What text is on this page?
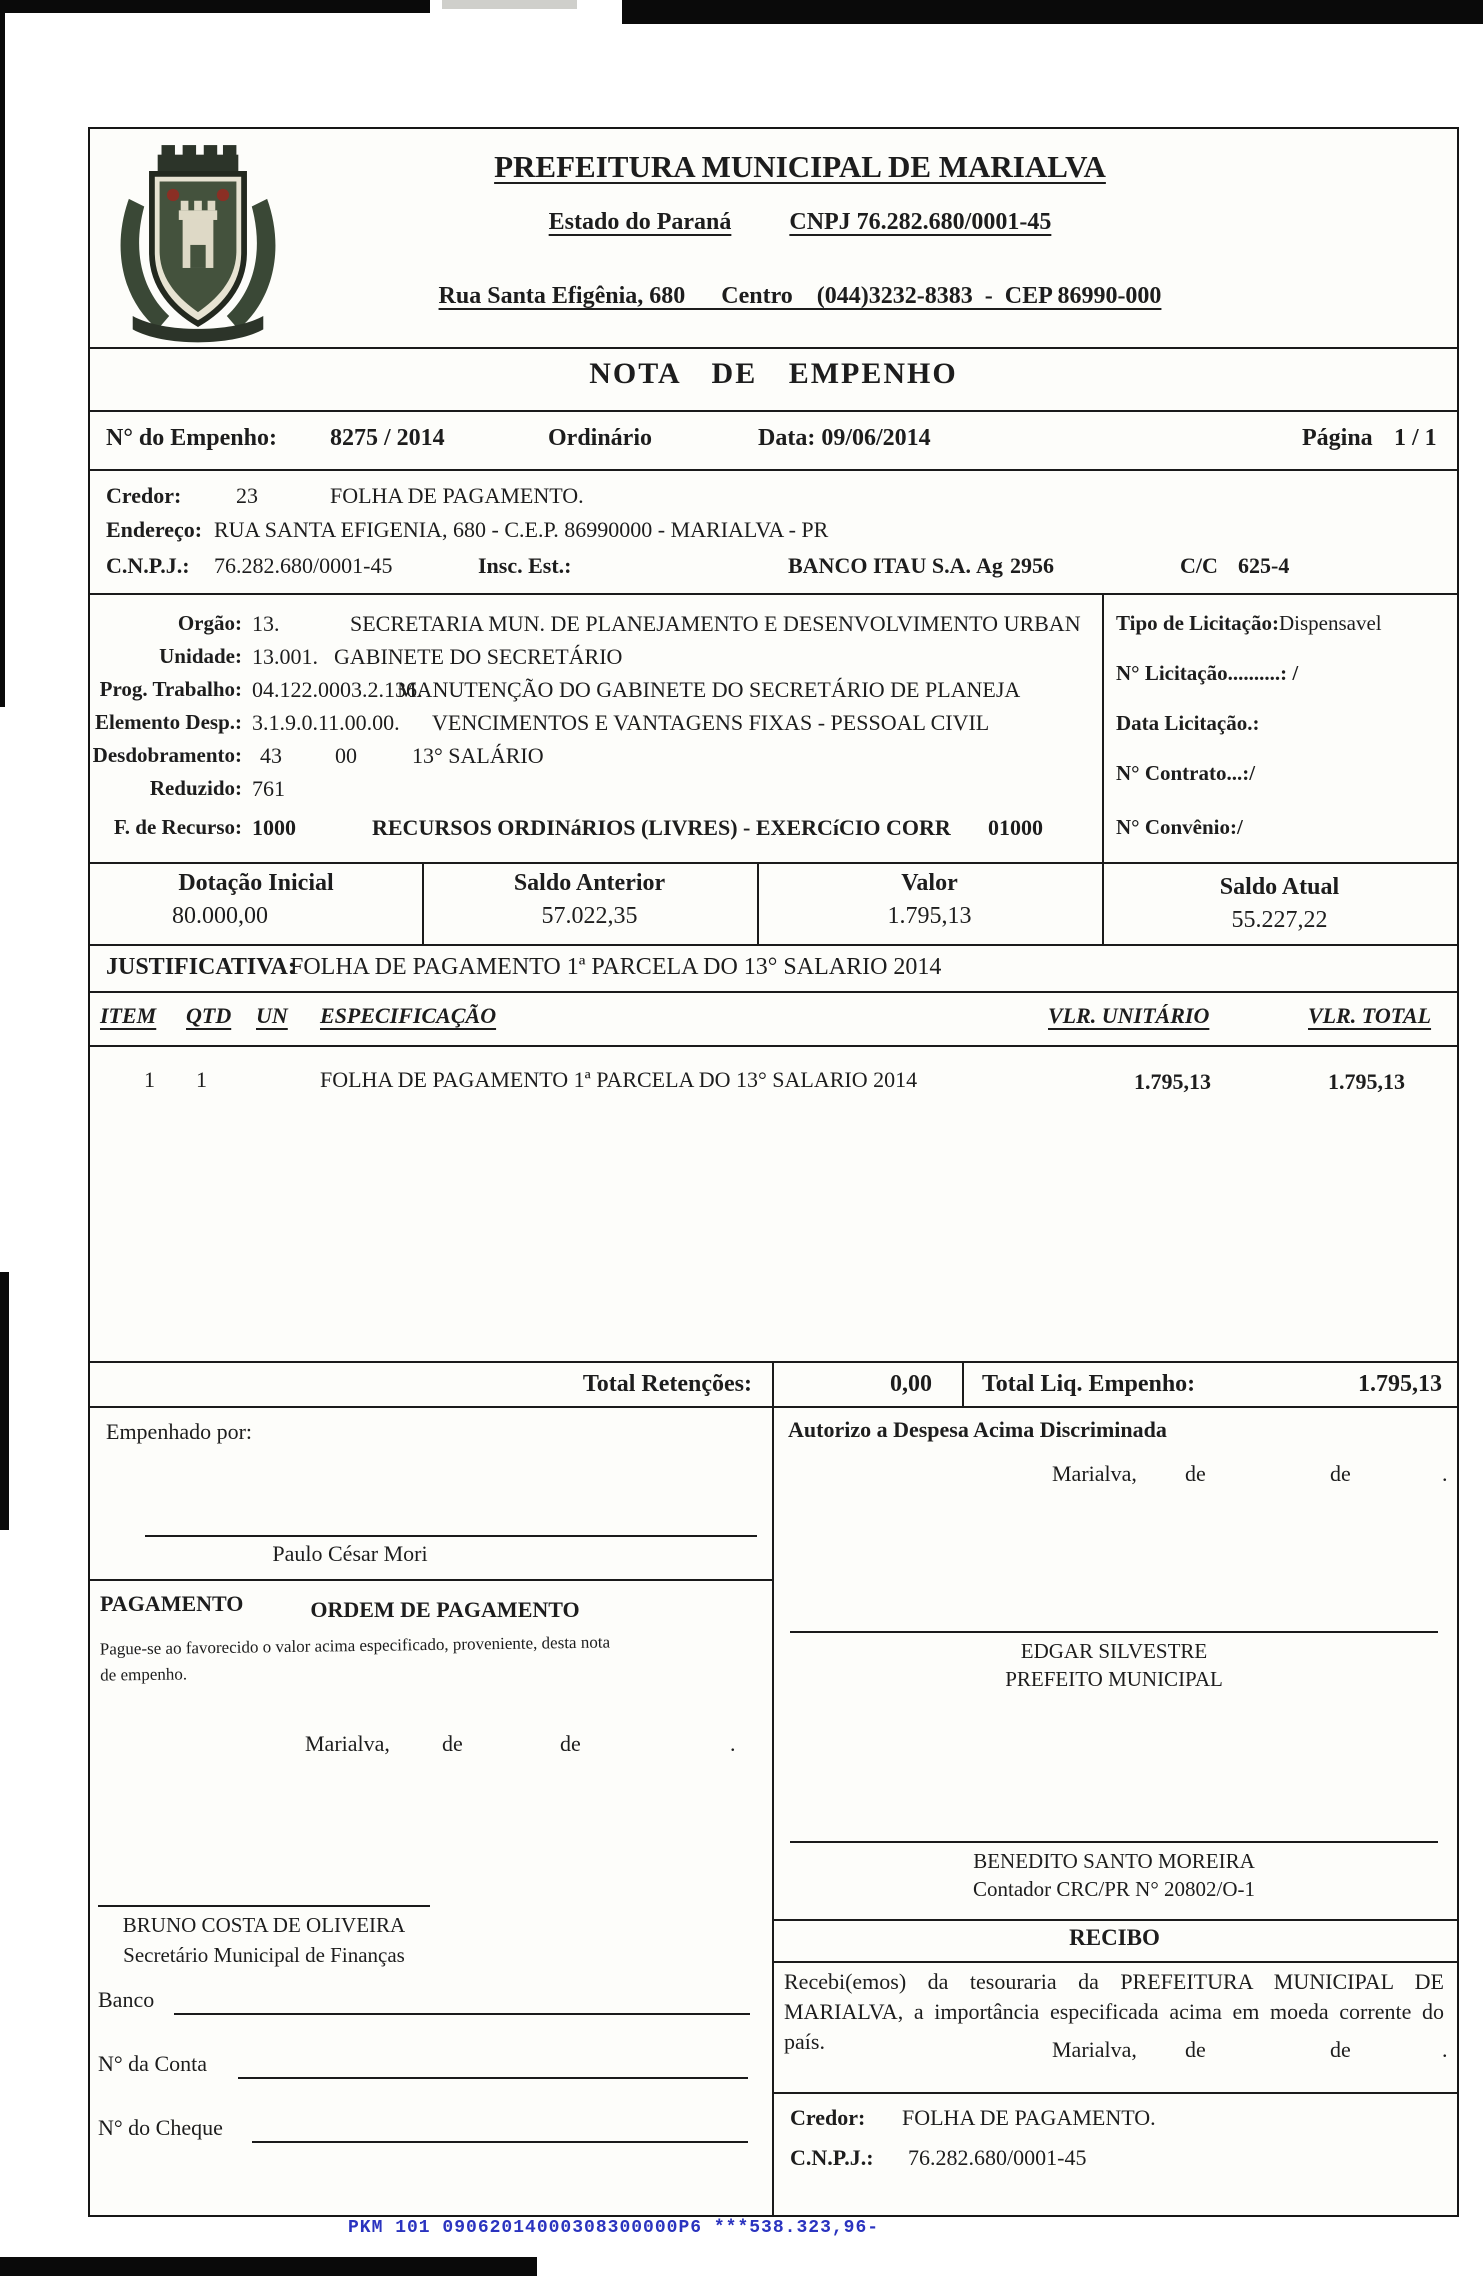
PREFEITURA MUNICIPAL DE MARIALVA
Estado do Paraná CNPJ 76.282.680/0001-45
Rua Santa Efigênia, 680      Centro    (044)3232-8383  -  CEP 86990-000
NOTA DE EMPENHO
N° do Empenho: 8275 / 2014	Ordinário	Data: 09/06/2014	Página 1 / 1
Credor: 23	FOLHA DE PAGAMENTO.
Endereço: RUA SANTA EFIGENIA, 680 - C.E.P. 86990000 - MARIALVA - PR
C.N.P.J.: 76.282.680/0001-45	Insc. Est.:	BANCO ITAU S.A. Ag 2956	C/C 625-4
Orgão: 13.	SECRETARIA MUN. DE PLANEJAMENTO E DESENVOLVIMENTO URBAN
Unidade: 13.001. GABINETE DO SECRETÁRIO
Prog. Trabalho: 04.122.0003.2.136.
MANUTENÇÃO DO GABINETE DO SECRETÁRIO DE PLANEJA
Elemento Desp.: 3.1.9.0.11.00.00. VENCIMENTOS E VANTAGENS FIXAS - PESSOAL CIVIL
Desdobramento: 43 00	13° SALÁRIO
Reduzido: 761
F. de Recurso: 1000	RECURSOS ORDINáRIOS (LIVRES) - EXERCíCIO CORR 01000
Tipo de Licitação:Dispensavel
N° Licitação..........: /
Data Licitação.:
N° Contrato...:/
N° Convênio:/
Dotação Inicial	Saldo Anterior	Valor	Saldo Atual
80.000,00	57.022,35	1.795,13	55.227,22
JUSTIFICATIVA:
FOLHA DE PAGAMENTO 1ª PARCELA DO 13° SALARIO 2014
ITEM QTD UN ESPECIFICAÇÃO	VLR. UNITÁRIO	VLR. TOTAL
1 1	FOLHA DE PAGAMENTO 1ª PARCELA DO 13° SALARIO 2014	1.795,13	1.795,13
Total Retenções:	0,00 Total Liq. Empenho:	1.795,13
Empenhado por:
Paulo César Mori
PAGAMENTO	ORDEM DE PAGAMENTO
Pague-se ao favorecido o valor acima especificado, proveniente, desta nota de empenho.
Marialva, de	de	.
BRUNO COSTA DE OLIVEIRA
Secretário Municipal de Finanças
Banco
N° da Conta
N° do Cheque
Autorizo a Despesa Acima Discriminada
Marialva, de	de	.
EDGAR SILVESTRE
PREFEITO MUNICIPAL
BENEDITO SANTO MOREIRA
Contador CRC/PR N° 20802/O-1
RECIBO
Recebi(emos) da tesouraria da PREFEITURA MUNICIPAL DE MARIALVA, a importância especificada acima em moeda corrente do país.	Marialva, de	de	.
Credor: FOLHA DE PAGAMENTO.
C.N.P.J.: 76.282.680/0001-45
PKM 101 09062014000308300000P6 ***538.323,96-
